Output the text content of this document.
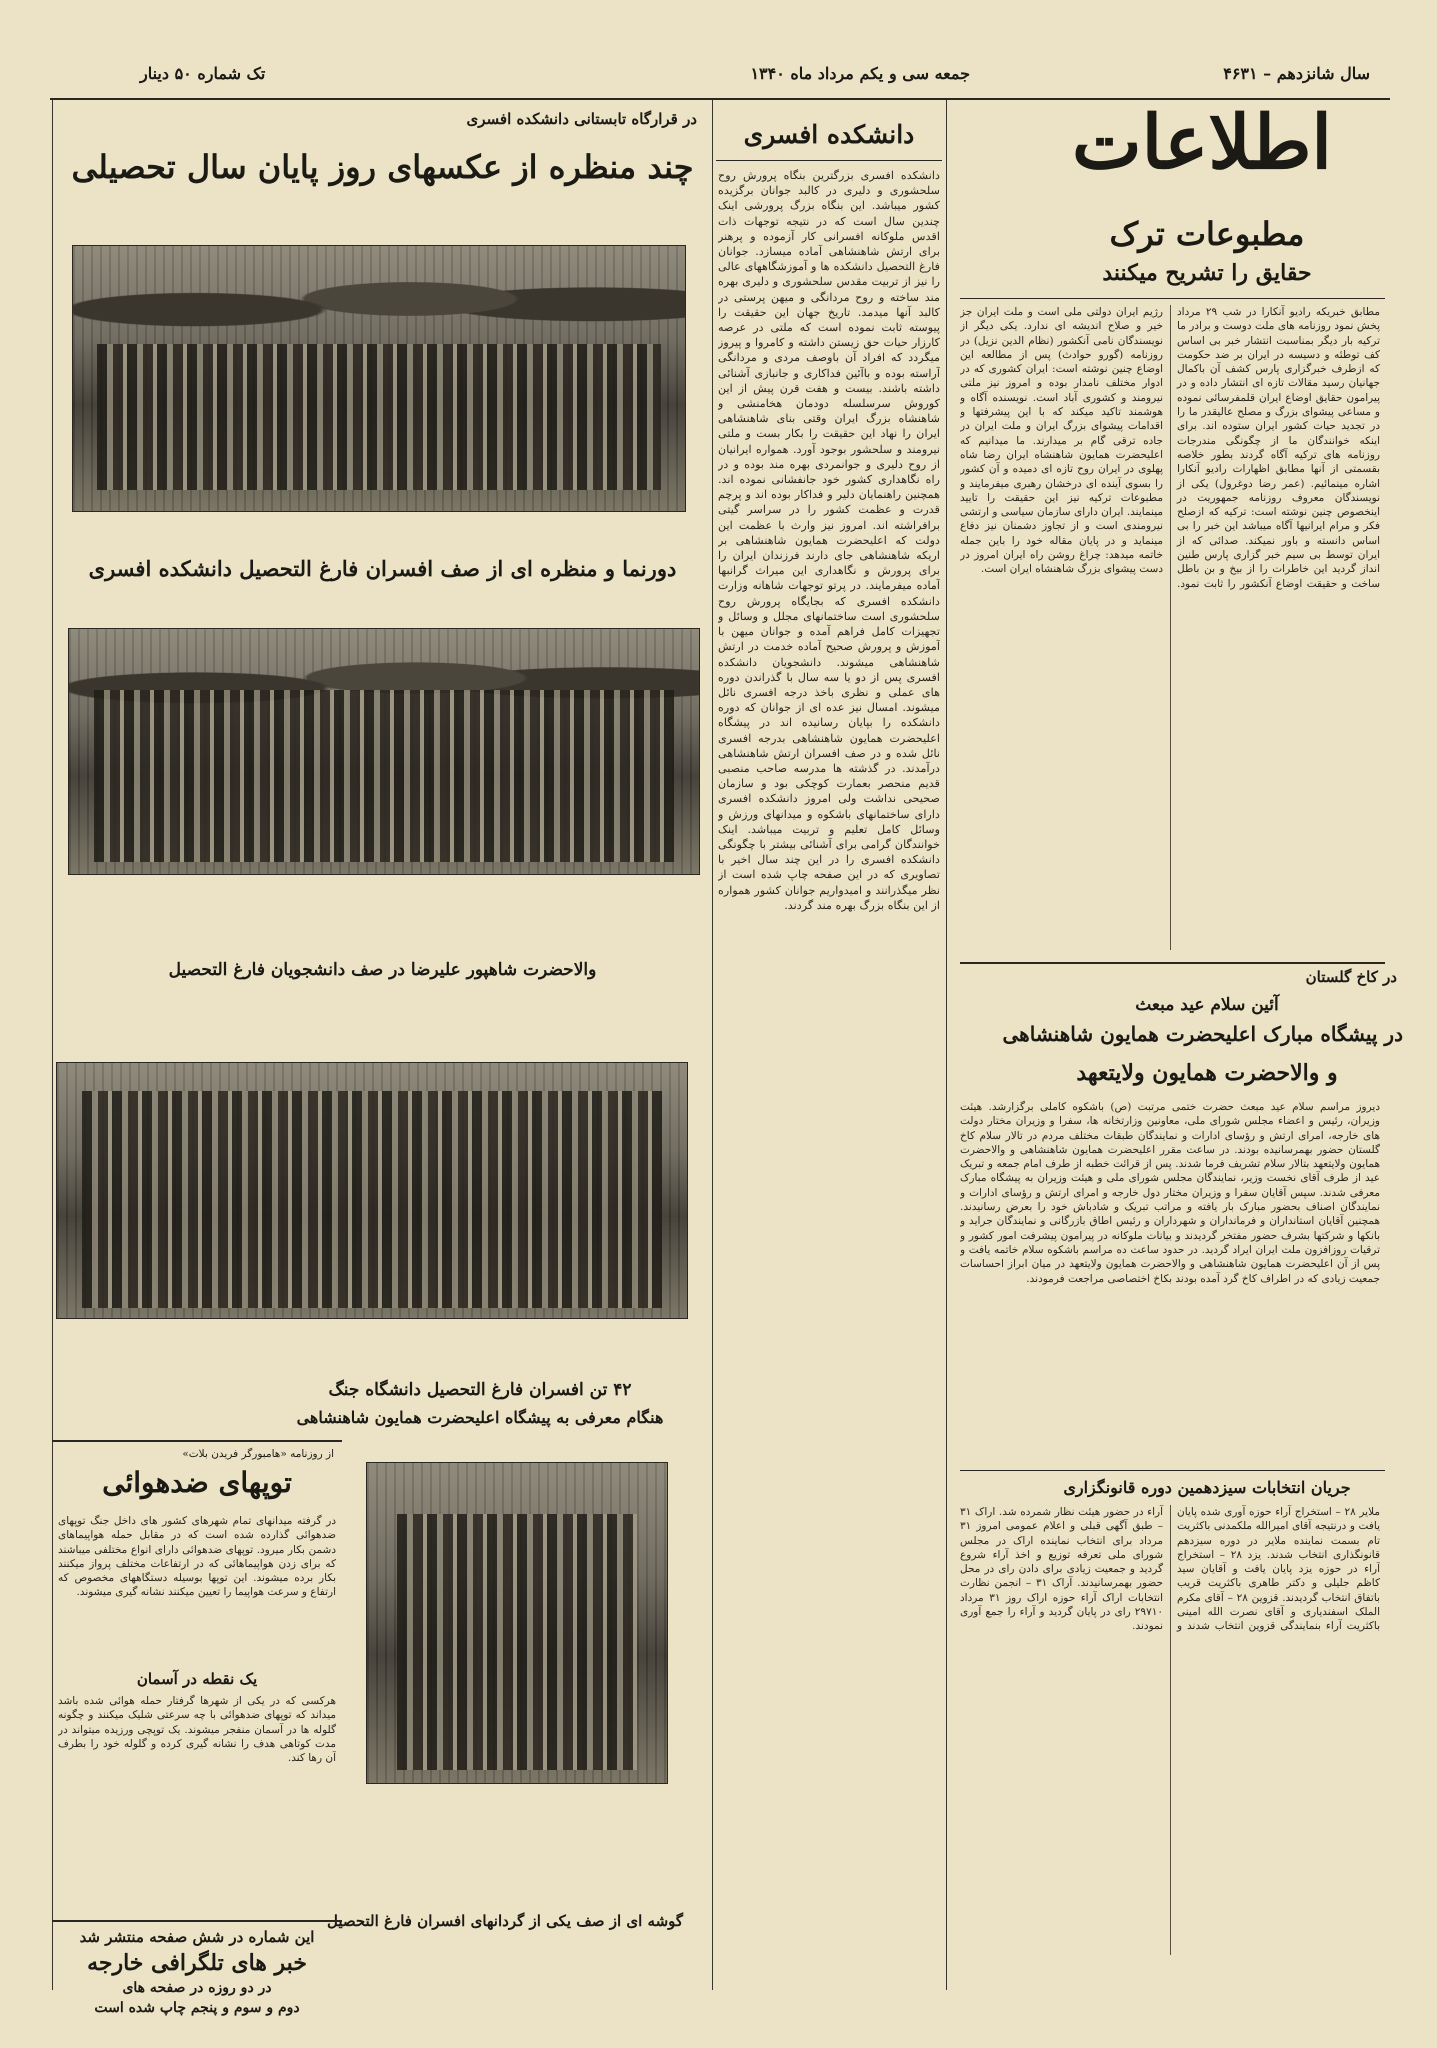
سال شانزدهم – ۴۶۳۱
جمعه سی و یکم مرداد ماه ۱۳۴۰
تک شماره ۵۰ دینار
اطلاعات
مطبوعات ترک
حقایق را تشریح میکنند
مطابق خبریکه رادیو آنکارا در شب ۲۹ مرداد پخش نمود روزنامه های ملت دوست و برادر ما ترکیه بار دیگر بمناسبت انتشار خبر بی اساس کف توطئه و دسیسه در ایران بر ضد حکومت که ازطرف خبرگزاری پارس کشف آن باکمال جهانیان رسید مقالات تازه ای انتشار داده و در پیرامون حقایق اوضاع ایران قلمفرسائی نموده و مساعی پیشوای بزرگ و مصلح عالیقدر ما را در تجدید حیات کشور ایران ستوده اند. برای اینکه خوانندگان ما از چگونگی مندرجات روزنامه های ترکیه آگاه گردند بطور خلاصه بقسمتی از آنها مطابق اظهارات رادیو آنکارا اشاره مینمائیم. (عمر رضا دوغرول) یکی از نویسندگان معروف روزنامه جمهوریت در اینخصوص چنین نوشته است: ترکیه که ازصلح فکر و مرام ایرانیها آگاه میباشد این خبر را بی اساس دانسته و باور نمیکند. صدائی که از ایران توسط بی سیم خبر گزاری پارس طنین انداز گردید این خاطرات را از بیخ و بن باطل ساخت و حقیقت اوضاع آنکشور را ثابت نمود. رژیم ایران دولتی ملی است و ملت ایران جز خیر و صلاح اندیشه ای ندارد. یکی دیگر از نویسندگان نامی آنکشور (نظام الدین نزیل) در روزنامه (گورو حوادث) پس از مطالعه این اوضاع چنین نوشته است: ایران کشوری که در ادوار مختلف نامدار بوده و امروز نیز ملتی نیرومند و کشوری آباد است. نویسنده آگاه و هوشمند تاکید میکند که با این پیشرفتها و اقدامات پیشوای بزرگ ایران و ملت ایران در جاده ترقی گام بر میدارند. ما میدانیم که اعلیحضرت همایون شاهنشاه ایران رضا شاه پهلوی در ایران روح تازه ای دمیده و آن کشور را بسوی آینده ای درخشان رهبری میفرمایند و مطبوعات ترکیه نیز این حقیقت را تایید مینمایند. ایران دارای سازمان سیاسی و ارتشی نیرومندی است و از تجاوز دشمنان نیز دفاع مینماید و در پایان مقاله خود را باین جمله خاتمه میدهد: چراغ روشن راه ایران امروز در دست پیشوای بزرگ شاهنشاه ایران است.
در کاخ گلستان
آئین سلام عید مبعث
در پیشگاه مبارک اعلیحضرت همایون شاهنشاهی
و والاحضرت همایون ولایتعهد
دیروز مراسم سلام عید مبعث حضرت ختمی مرتبت (ص) باشکوه کاملی برگزارشد. هیئت وزیران، رئیس و اعضاء مجلس شورای ملی، معاونین وزارتخانه ها، سفرا و وزیران مختار دولت های خارجه، امرای ارتش و رؤسای ادارات و نمایندگان طبقات مختلف مردم در تالار سلام کاخ گلستان حضور بهمرسانیده بودند. در ساعت مقرر اعلیحضرت همایون شاهنشاهی و والاحضرت همایون ولایتعهد بتالار سلام تشریف فرما شدند. پس از قرائت خطبه از طرف امام جمعه و تبریک عید از طرف آقای نخست وزیر، نمایندگان مجلس شورای ملی و هیئت وزیران به پیشگاه مبارک معرفی شدند. سپس آقایان سفرا و وزیران مختار دول خارجه و امرای ارتش و رؤسای ادارات و نمایندگان اصناف بحضور مبارک بار یافته و مراتب تبریک و شادباش خود را بعرض رسانیدند. همچنین آقایان استانداران و فرمانداران و شهرداران و رئیس اطاق بازرگانی و نمایندگان جراید و بانکها و شرکتها بشرف حضور مفتخر گردیدند و بیانات ملوکانه در پیرامون پیشرفت امور کشور و ترقیات روزافزون ملت ایران ایراد گردید. در حدود ساعت ده مراسم باشکوه سلام خاتمه یافت و پس از آن اعلیحضرت همایون شاهنشاهی و والاحضرت همایون ولایتعهد در میان ابراز احساسات جمعیت زیادی که در اطراف کاخ گرد آمده بودند بکاخ اختصاصی مراجعت فرمودند.
جریان انتخابات سیزدهمین دوره قانونگزاری
ملایر ۲۸ – استخراج آراء حوزه آوری شده پایان یافت و درنتیجه آقای امیرالله ملکمدنی باکثریت تام بسمت نماینده ملایر در دوره سیزدهم قانونگذاری انتخاب شدند. یزد ۲۸ – استخراج آراء در حوزه یزد پایان یافت و آقایان سید کاظم جلیلی و دکتر طاهری باکثریت قریب باتفاق انتخاب گردیدند. قزوین ۲۸ – آقای مکرم الملک اسفندیاری و آقای نصرت الله امینی باکثریت آراء بنمایندگی قزوین انتخاب شدند و آراء در حضور هیئت نظار شمرده شد. اراک ۳۱ – طبق آگهی قبلی و اعلام عمومی امروز ۳۱ مرداد برای انتخاب نماینده اراک در مجلس شورای ملی تعرفه توزیع و اخذ آراء شروع گردید و جمعیت زیادی برای دادن رای در محل حضور بهمرسانیدند. آراک ۳۱ – انجمن نظارت انتخابات اراک آراء حوزه اراک روز ۳۱ مرداد ۲۹۷۱۰ رای در پایان گردید و آراء را جمع آوری نمودند.
دانشکده افسری
دانشکده افسری بزرگترین بنگاه پرورش روح سلحشوری و دلیری در کالبد جوانان برگزیده کشور میباشد. این بنگاه بزرگ پرورشی اینک چندین سال است که در نتیجه توجهات ذات اقدس ملوکانه افسرانی کار آزموده و پرهنر برای ارتش شاهنشاهی آماده میسازد. جوانان فارغ التحصیل دانشکده ها و آموزشگاههای عالی را نیز از تربیت مقدس سلحشوری و دلیری بهره مند ساخته و روح مردانگی و میهن پرستی در کالبد آنها میدمد. تاریخ جهان این حقیقت را پیوسته ثابت نموده است که ملتی در عرصه کارزار حیات حق زیستن داشته و کامروا و پیروز میگردد که افراد آن باوصف مردی و مردانگی آراسته بوده و باآئین فداکاری و جانبازی آشنائی داشته باشند. بیست و هفت قرن پیش از این کوروش سرسلسله دودمان هخامنشی و شاهنشاه بزرگ ایران وقتی بنای شاهنشاهی ایران را نهاد این حقیقت را بکار بست و ملتی نیرومند و سلحشور بوجود آورد. همواره ایرانیان از روح دلیری و جوانمردی بهره مند بوده و در راه نگاهداری کشور خود جانفشانی نموده اند. همچنین راهنمایان دلیر و فداکار بوده اند و پرچم قدرت و عظمت کشور را در سراسر گیتی برافراشته اند. امروز نیز وارث با عظمت این دولت که اعلیحضرت همایون شاهنشاهی بر اریکه شاهنشاهی جای دارند فرزندان ایران را برای پرورش و نگاهداری این میراث گرانبها آماده میفرمایند. در پرتو توجهات شاهانه وزارت دانشکده افسری که بجایگاه پرورش روح سلحشوری است ساختمانهای مجلل و وسائل و تجهیزات کامل فراهم آمده و جوانان میهن با آموزش و پرورش صحیح آماده خدمت در ارتش شاهنشاهی میشوند. دانشجویان دانشکده افسری پس از دو یا سه سال با گذراندن دوره های عملی و نظری باخذ درجه افسری نائل میشوند. امسال نیز عده ای از جوانان که دوره دانشکده را بپایان رسانیده اند در پیشگاه اعلیحضرت همایون شاهنشاهی بدرجه افسری نائل شده و در صف افسران ارتش شاهنشاهی درآمدند. در گذشته ها مدرسه صاحب منصبی قدیم منحصر بعمارت کوچکی بود و سازمان صحیحی نداشت ولی امروز دانشکده افسری دارای ساختمانهای باشکوه و میدانهای ورزش و وسائل کامل تعلیم و تربیت میباشد. اینک خوانندگان گرامی برای آشنائی بیشتر با چگونگی دانشکده افسری را در این چند سال اخیر با تصاویری که در این صفحه چاپ شده است از نظر میگذرانند و امیدواریم جوانان کشور همواره از این بنگاه بزرگ بهره مند گردند.
در قرارگاه تابستانی دانشکده افسری
چند منظره از عکسهای روز پایان سال تحصیلی
دورنما و منظره ای از صف افسران فارغ التحصیل دانشکده افسری
والاحضرت شاهپور علیرضا در صف دانشجویان فارغ التحصیل
۴۲ تن افسران فارغ التحصیل دانشگاه جنگ
هنگام معرفی به پیشگاه اعلیحضرت همایون شاهنشاهی
گوشه ای از صف یکی از گردانهای افسران فارغ التحصیل
از روزنامه «هامبورگر فریدن بلات»
توپهای ضدهوائی
در گرفته میدانهای تمام شهرهای کشور های داخل جنگ توپهای ضدهوائی گذارده شده است که در مقابل حمله هواپیماهای دشمن بکار میرود. توپهای ضدهوائی دارای انواع مختلفی میباشند که برای زدن هواپیماهائی که در ارتفاعات مختلف پرواز میکنند بکار برده میشوند. این توپها بوسیله دستگاههای مخصوص که ارتفاع و سرعت هواپیما را تعیین میکنند نشانه گیری میشوند.
یک نقطه در آسمان
هرکسی که در یکی از شهرها گرفتار حمله هوائی شده باشد میداند که توپهای ضدهوائی با چه سرعتی شلیک میکنند و چگونه گلوله ها در آسمان منفجر میشوند. یک توپچی ورزیده میتواند در مدت کوتاهی هدف را نشانه گیری کرده و گلوله خود را بطرف آن رها کند.
این شماره در شش صفحه منتشر شد
خبر های تلگرافی خارجه
در دو روزه در صفحه های
دوم و سوم و پنجم چاپ شده است
